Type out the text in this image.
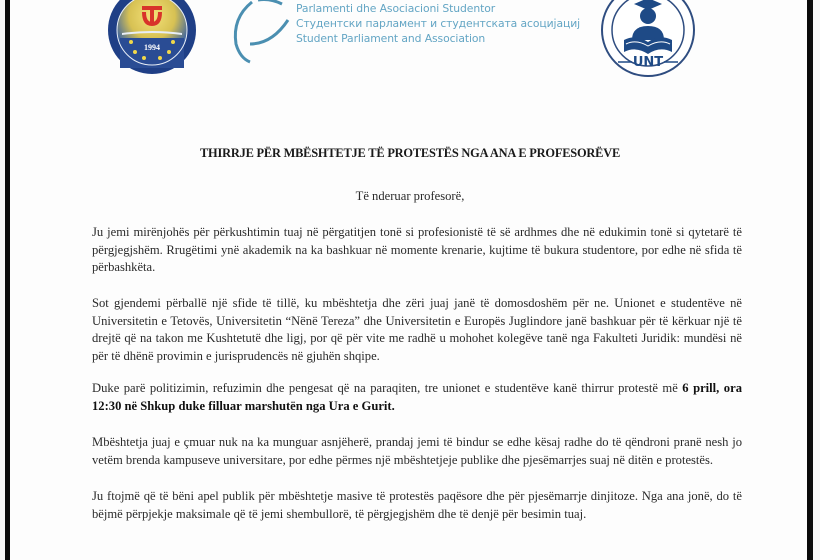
1994
Parlamenti dhe Asociacioni Studentor
Студентски парламент и студентската асоцијациј
Student Parliament and Association
UNT
THIRRJE PËR MBËSHTETJE TË PROTESTËS NGA ANA E PROFESORËVE
Të nderuar profesorë,
Ju jemi mirënjohës për përkushtimin tuaj në përgatitjen tonë si profesionistë të së ardhmes dhe në edukimin tonë si qytetarë të përgjegjshëm. Rrugëtimi ynë akademik na ka bashkuar në momente krenarie, kujtime të bukura studentore, por edhe në sfida të përbashkëta.
Sot gjendemi përballë një sfide të tillë, ku mbështetja dhe zëri juaj janë të domosdoshëm për ne. Unionet e studentëve në Universitetin e Tetovës, Universitetin “Nënë Tereza” dhe Universitetin e Europës Juglindore janë bashkuar për të kërkuar një të drejtë që na takon me Kushtetutë dhe ligj, por që për vite me radhë u mohohet kolegëve tanë nga Fakulteti Juridik: mundësi në për të dhënë provimin e jurisprudencës në gjuhën shqipe.
Duke parë politizimin, refuzimin dhe pengesat që na paraqiten, tre unionet e studentëve kanë thirrur protestë më 6 prill, ora 12:30 në Shkup duke filluar marshutën nga Ura e Gurit.
Mbështetja juaj e çmuar nuk na ka munguar asnjëherë, prandaj jemi të bindur se edhe kësaj radhe do të qëndroni pranë nesh jo vetëm brenda kampuseve universitare, por edhe përmes një mbështetjeje publike dhe pjesëmarrjes suaj në ditën e protestës.
Ju ftojmë që të bëni apel publik për mbështetje masive të protestës paqësore dhe për pjesëmarrje dinjitoze. Nga ana jonë, do të bëjmë përpjekje maksimale që të jemi shembullorë, të përgjegjshëm dhe të denjë për besimin tuaj.
